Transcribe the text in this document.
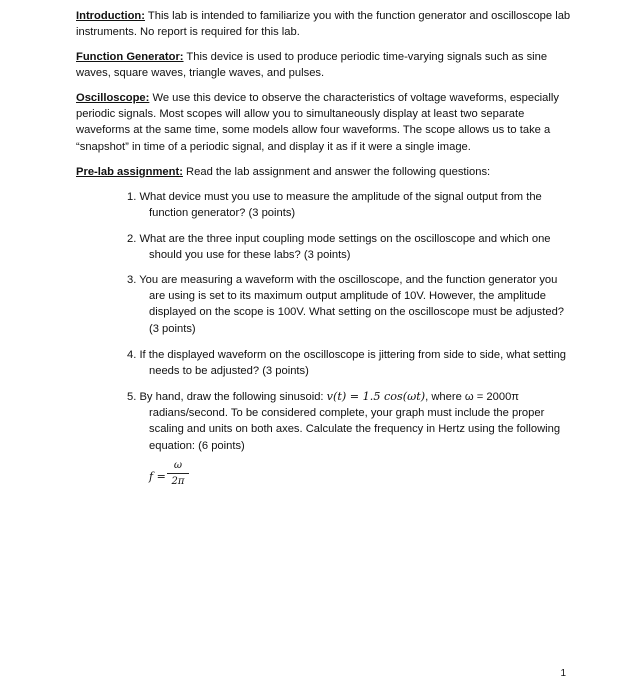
Introduction: This lab is intended to familiarize you with the function generator and oscilloscope lab instruments. No report is required for this lab.

Function Generator: This device is used to produce periodic time-varying signals such as sine waves, square waves, triangle waves, and pulses.

Oscilloscope: We use this device to observe the characteristics of voltage waveforms, especially periodic signals. Most scopes will allow you to simultaneously display at least two separate waveforms at the same time, some models allow four waveforms. The scope allows us to take a “snapshot” in time of a periodic signal, and display it as if it were a single image.

Pre-lab assignment: Read the lab assignment and answer the following questions:

1. What device must you use to measure the amplitude of the signal output from the function generator? (3 points)

2. What are the three input coupling mode settings on the oscilloscope and which one should you use for these labs? (3 points)

3. You are measuring a waveform with the oscilloscope, and the function generator you are using is set to its maximum output amplitude of 10V. However, the amplitude displayed on the scope is 100V. What setting on the oscilloscope must be adjusted? (3 points)

4. If the displayed waveform on the oscilloscope is jittering from side to side, what setting needs to be adjusted? (3 points)

5. By hand, draw the following sinusoid: v(t) = 1.5 cos(ωt), where ω = 2000π radians/second. To be considered complete, your graph must include the proper scaling and units on both axes. Calculate the frequency in Hertz using the following equation: (6 points)

f =
ω
2π
1
